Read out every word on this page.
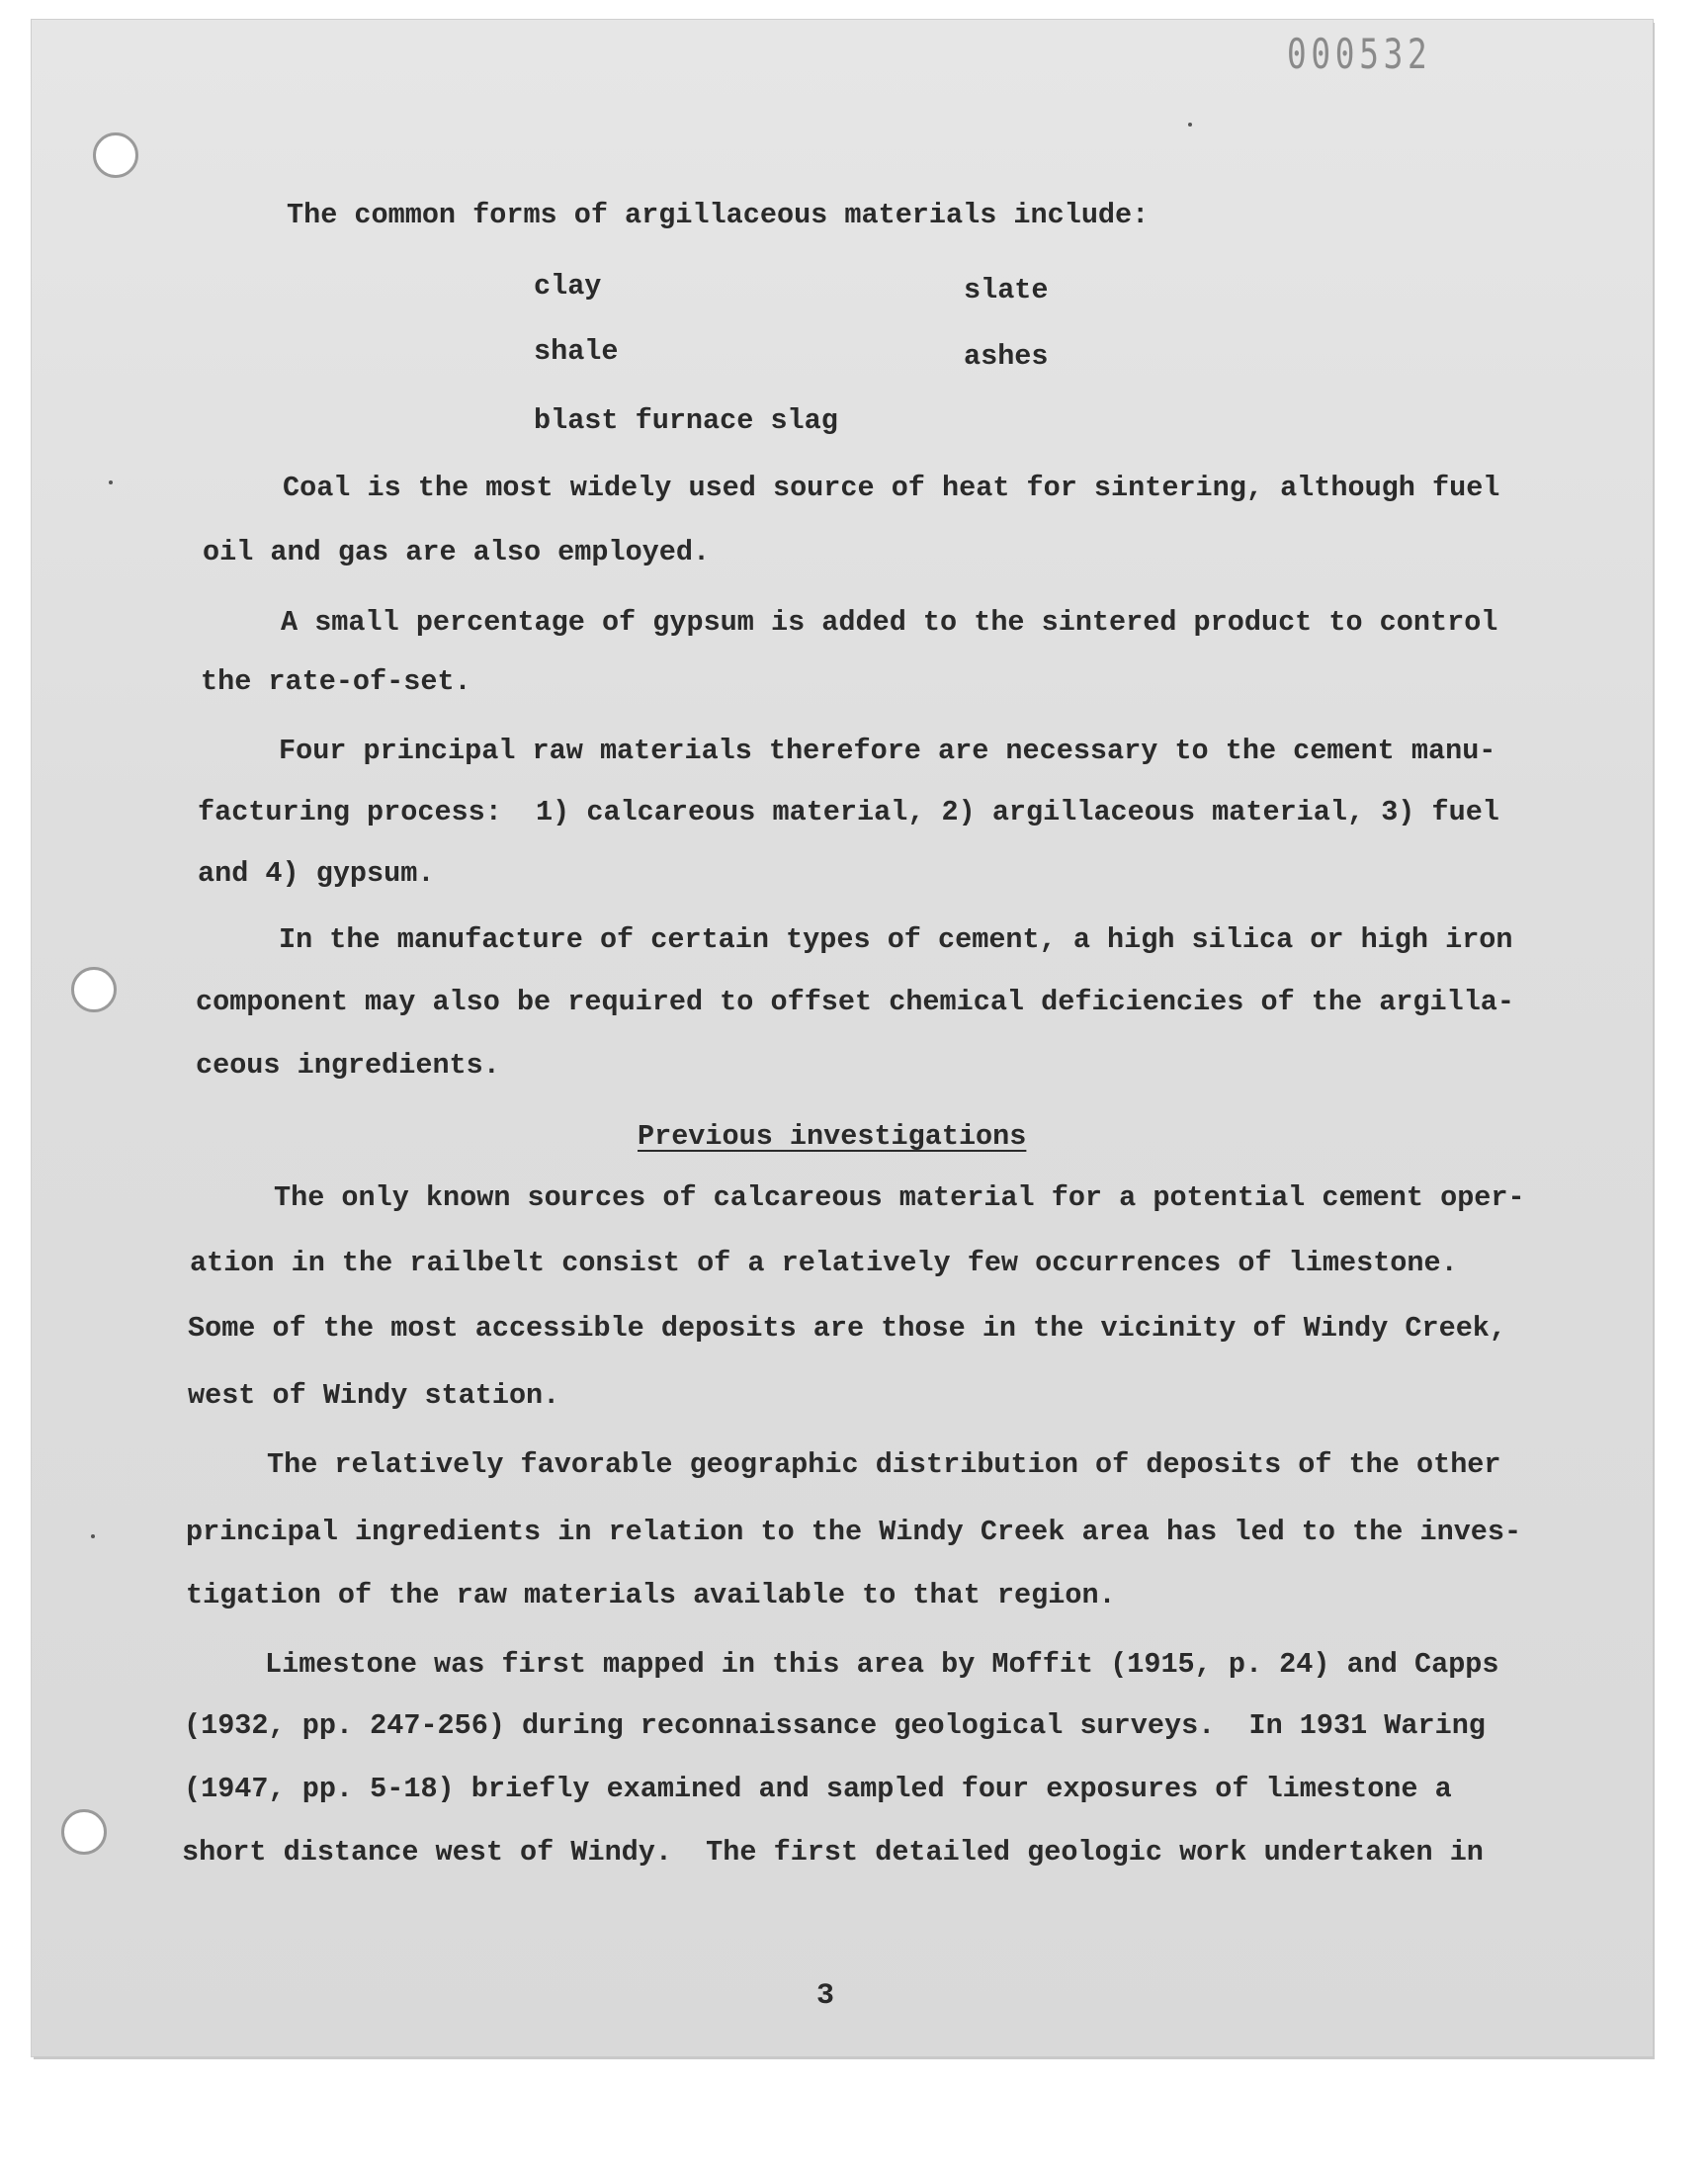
000532
The common forms of argillaceous materials include:
clay	slate
shale	ashes
blast furnace slag
Coal is the most widely used source of heat for sintering, although fuel
oil and gas are also employed.
A small percentage of gypsum is added to the sintered product to control
the rate-of-set.
Four principal raw materials therefore are necessary to the cement manu-
facturing process:  1) calcareous material, 2) argillaceous material, 3) fuel
and 4) gypsum.
In the manufacture of certain types of cement, a high silica or high iron
component may also be required to offset chemical deficiencies of the argilla-
ceous ingredients.
Previous investigations
The only known sources of calcareous material for a potential cement oper-
ation in the railbelt consist of a relatively few occurrences of limestone.
Some of the most accessible deposits are those in the vicinity of Windy Creek,
west of Windy station.
The relatively favorable geographic distribution of deposits of the other
principal ingredients in relation to the Windy Creek area has led to the inves-
tigation of the raw materials available to that region.
Limestone was first mapped in this area by Moffit (1915, p. 24) and Capps
(1932, pp. 247-256) during reconnaissance geological surveys.  In 1931 Waring
(1947, pp. 5-18) briefly examined and sampled four exposures of limestone a
short distance west of Windy.  The first detailed geologic work undertaken in
3
